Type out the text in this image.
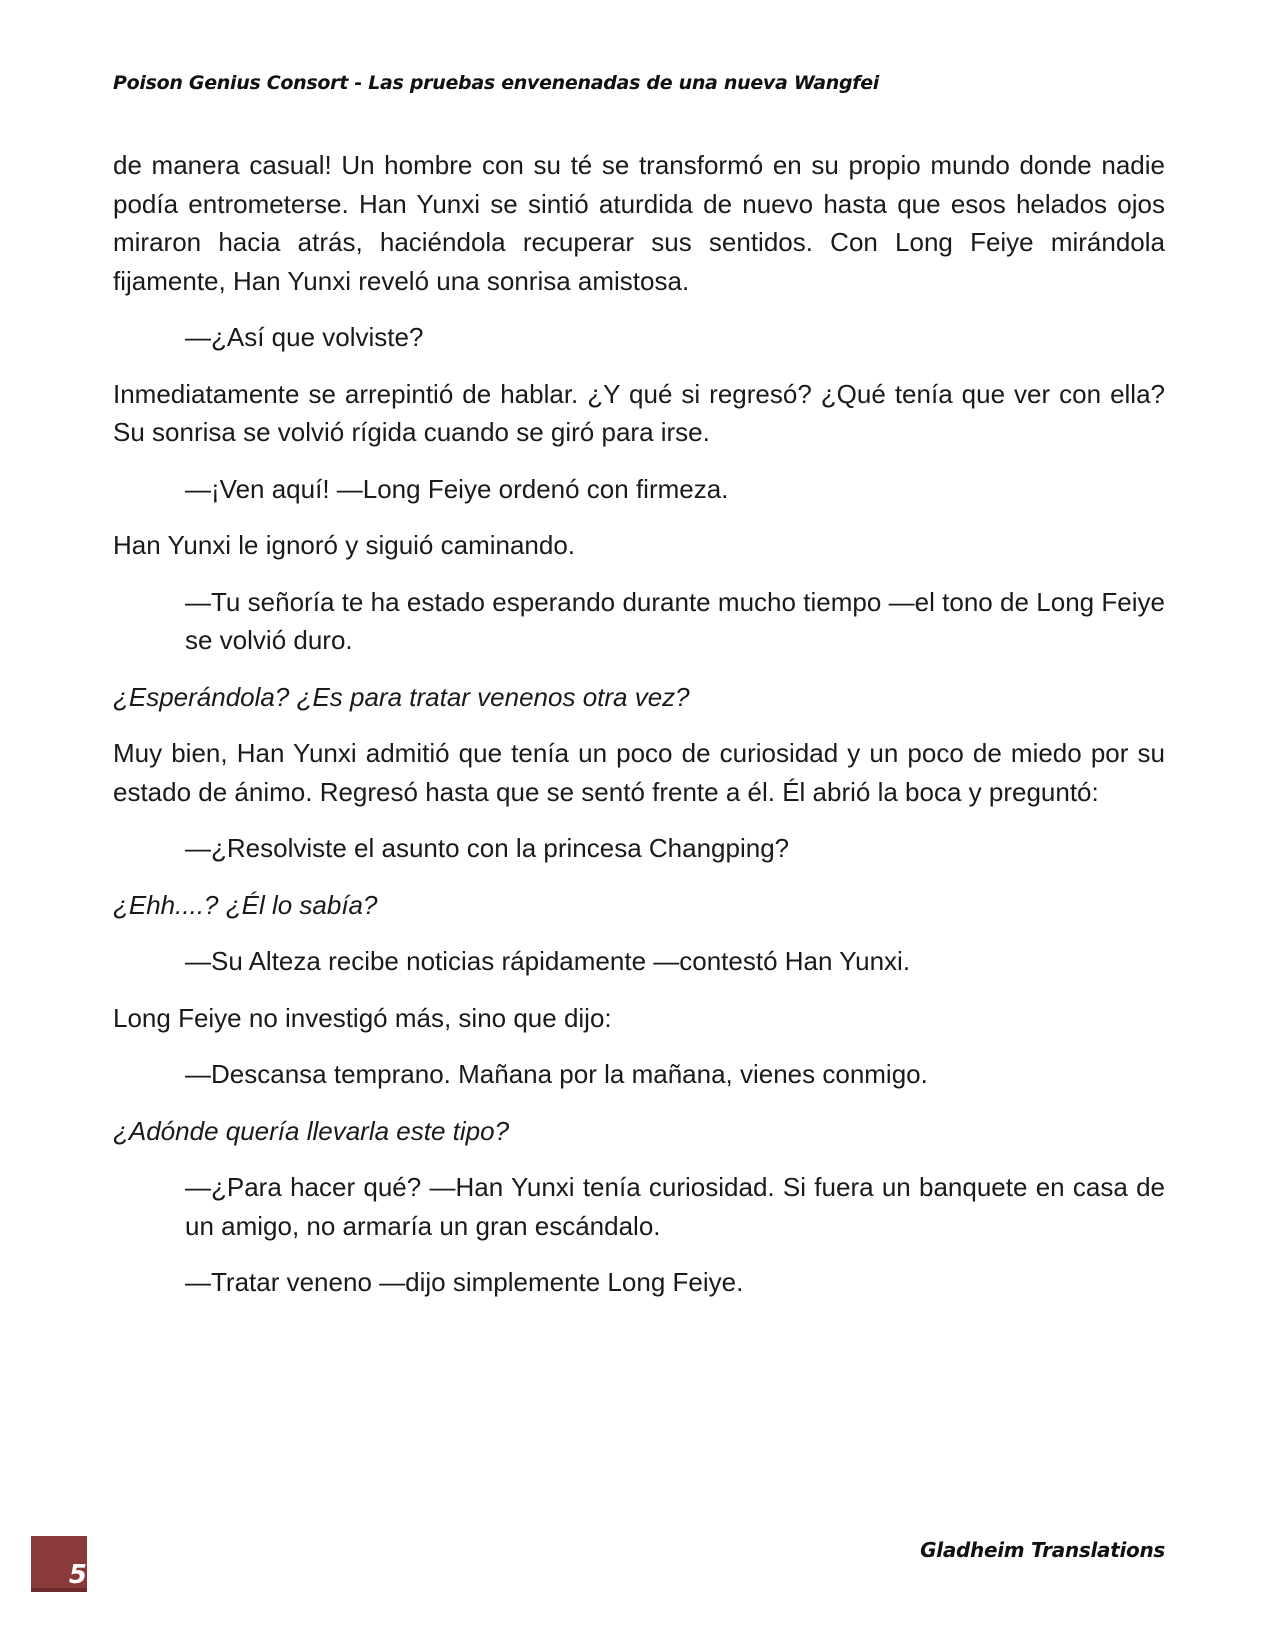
Poison Genius Consort - Las pruebas envenenadas de una nueva Wangfei

de manera casual! Un hombre con su té se transformó en su propio mundo donde nadie podía entrometerse. Han Yunxi se sintió aturdida de nuevo hasta que esos helados ojos miraron hacia atrás, haciéndola recuperar sus sentidos. Con Long Feiye mirándola fijamente, Han Yunxi reveló una sonrisa amistosa.

—¿Así que volviste?

Inmediatamente se arrepintió de hablar. ¿Y qué si regresó? ¿Qué tenía que ver con ella? Su sonrisa se volvió rígida cuando se giró para irse.

—¡Ven aquí! —Long Feiye ordenó con firmeza.

Han Yunxi le ignoró y siguió caminando.

—Tu señoría te ha estado esperando durante mucho tiempo —el tono de Long Feiye se volvió duro.

¿Esperándola? ¿Es para tratar venenos otra vez?

Muy bien, Han Yunxi admitió que tenía un poco de curiosidad y un poco de miedo por su estado de ánimo. Regresó hasta que se sentó frente a él. Él abrió la boca y preguntó:

—¿Resolviste el asunto con la princesa Changping?

¿Ehh....? ¿Él lo sabía?

—Su Alteza recibe noticias rápidamente —contestó Han Yunxi.

Long Feiye no investigó más, sino que dijo:

—Descansa temprano. Mañana por la mañana, vienes conmigo.

¿Adónde quería llevarla este tipo?

—¿Para hacer qué? —Han Yunxi tenía curiosidad. Si fuera un banquete en casa de un amigo, no armaría un gran escándalo.

—Tratar veneno —dijo simplemente Long Feiye.

5
Gladheim Translations
